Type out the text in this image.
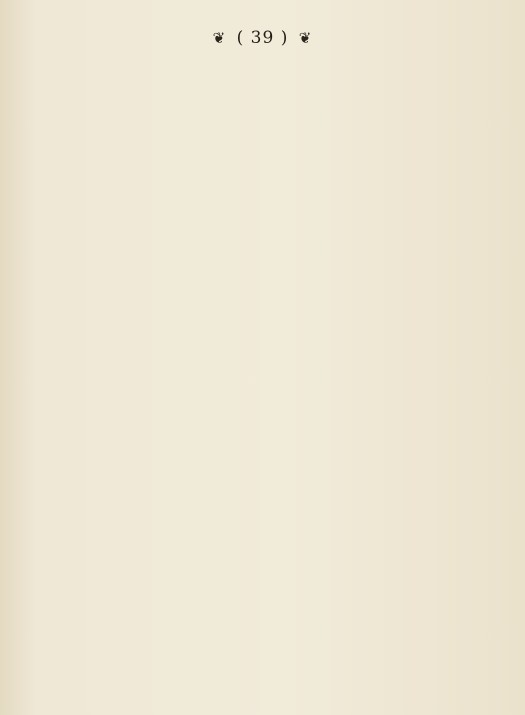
❦ ( 39 ) ❦
